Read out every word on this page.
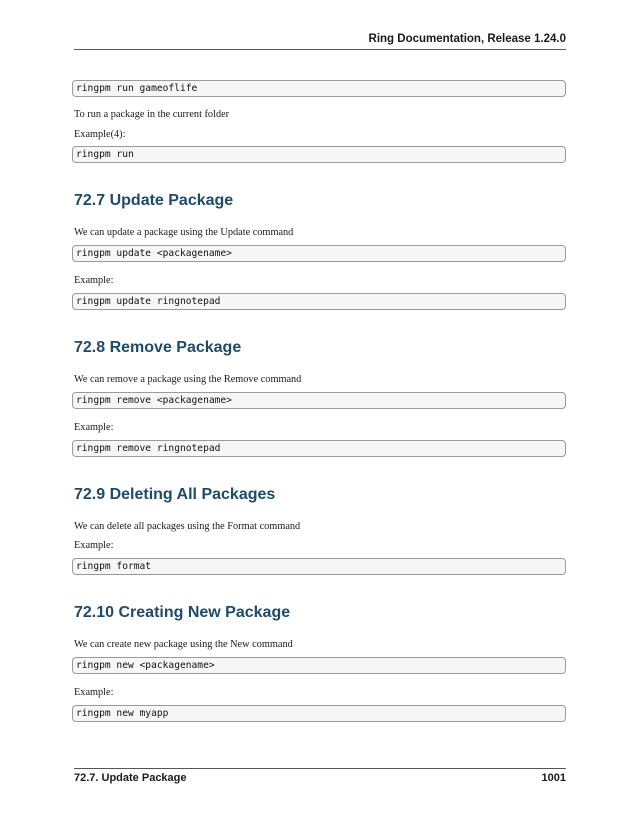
Ring Documentation, Release 1.24.0
ringpm run gameoflife
To run a package in the current folder
Example(4):
ringpm run
72.7 Update Package
We can update a package using the Update command
ringpm update <packagename>
Example:
ringpm update ringnotepad
72.8 Remove Package
We can remove a package using the Remove command
ringpm remove <packagename>
Example:
ringpm remove ringnotepad
72.9 Deleting All Packages
We can delete all packages using the Format command
Example:
ringpm format
72.10 Creating New Package
We can create new package using the New command
ringpm new <packagename>
Example:
ringpm new myapp
72.7. Update Package	1001
